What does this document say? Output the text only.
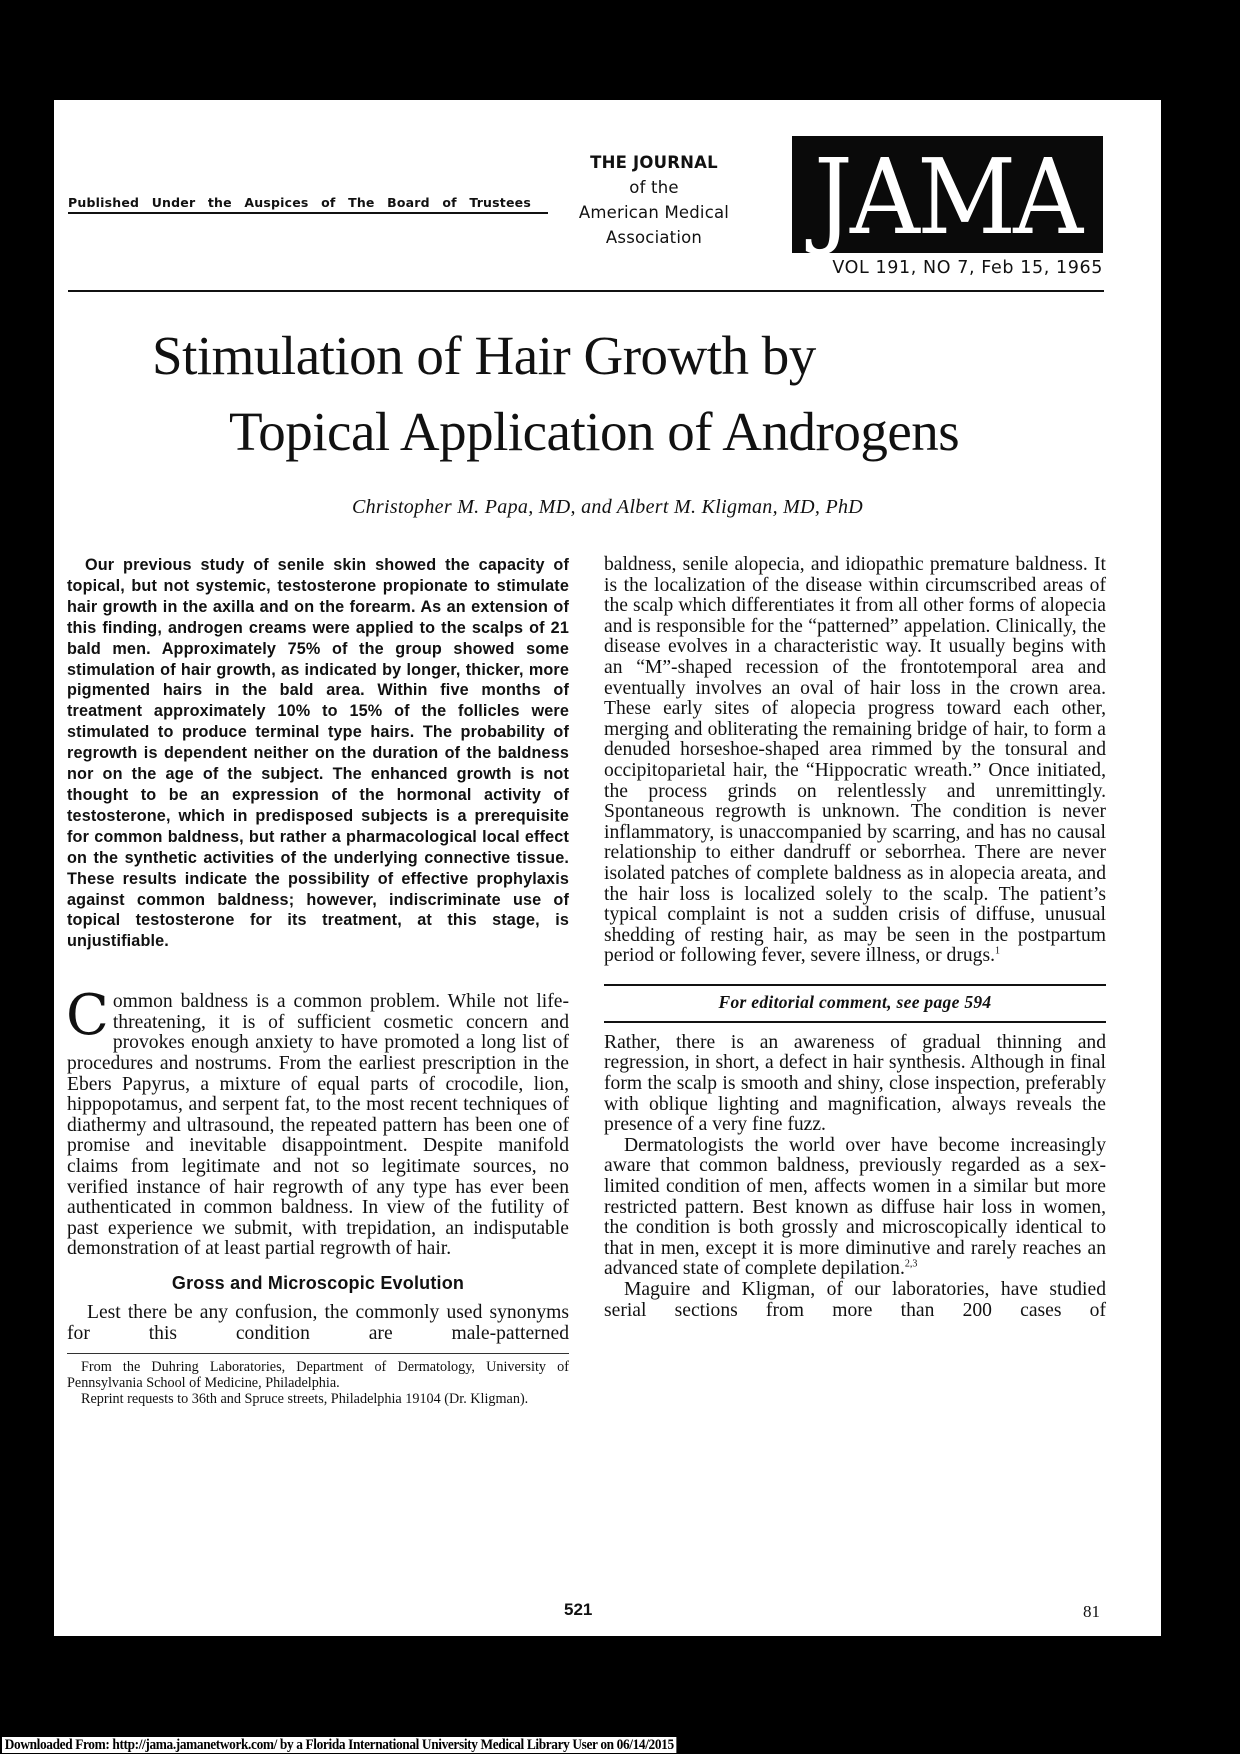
Published Under the Auspices of The Board of Trustees
THE JOURNAL
of the
American Medical
Association	JAMA
VOL 191, NO 7, Feb 15, 1965
Stimulation of Hair Growth by
Topical Application of Androgens
Christopher M. Papa, MD, and Albert M. Kligman, MD, PhD

Our previous study of senile skin showed the capacity of topical, but not systemic, testosterone propionate to stimulate hair growth in the axilla and on the forearm. As an extension of this finding, androgen creams were applied to the scalps of 21 bald men. Approximately 75% of the group showed some stimulation of hair growth, as indicated by longer, thicker, more pigmented hairs in the bald area. Within five months of treatment approximately 10% to 15% of the follicles were stimulated to produce terminal type hairs. The probability of regrowth is dependent neither on the duration of the baldness nor on the age of the subject. The enhanced growth is not thought to be an expression of the hormonal activity of testosterone, which in predisposed subjects is a prerequisite for common baldness, but rather a pharmacological local effect on the synthetic activities of the underlying connective tissue. These results indicate the possibility of effective prophylaxis against common baldness; however, indiscriminate use of topical testosterone for its treatment, at this stage, is unjustifiable.

Common baldness is a common problem. While not life-threatening, it is of sufficient cosmetic concern and provokes enough anxiety to have promoted a long list of procedures and nostrums. From the earliest prescription in the Ebers Papyrus, a mixture of equal parts of crocodile, lion, hippopotamus, and serpent fat, to the most recent techniques of diathermy and ultrasound, the repeated pattern has been one of promise and inevitable disappointment. Despite manifold claims from legitimate and not so legitimate sources, no verified instance of hair regrowth of any type has ever been authenticated in common baldness. In view of the futility of past experience we submit, with trepidation, an indisputable demonstration of at least partial regrowth of hair.

Gross and Microscopic Evolution

Lest there be any confusion, the commonly used synonyms for this condition are male-patterned

From the Duhring Laboratories, Department of Dermatology, University of Pennsylvania School of Medicine, Philadelphia.

Reprint requests to 36th and Spruce streets, Philadelphia 19104 (Dr. Kligman).

baldness, senile alopecia, and idiopathic premature baldness. It is the localization of the disease within circumscribed areas of the scalp which differentiates it from all other forms of alopecia and is responsible for the “patterned” appelation. Clinically, the disease evolves in a characteristic way. It usually begins with an “M”-shaped recession of the frontotemporal area and eventually involves an oval of hair loss in the crown area. These early sites of alopecia progress toward each other, merging and obliterating the remaining bridge of hair, to form a denuded horseshoe-shaped area rimmed by the tonsural and occipitoparietal hair, the “Hippocratic wreath.” Once initiated, the process grinds on relentlessly and unremittingly. Spontaneous regrowth is unknown. The condition is never inflammatory, is unaccompanied by scarring, and has no causal relationship to either dandruff or seborrhea. There are never isolated patches of complete baldness as in alopecia areata, and the hair loss is localized solely to the scalp. The patient’s typical complaint is not a sudden crisis of diffuse, unusual shedding of resting hair, as may be seen in the postpartum period or following fever, severe illness, or drugs.$^1$

For editorial comment, see page 594

Rather, there is an awareness of gradual thinning and regression, in short, a defect in hair synthesis. Although in final form the scalp is smooth and shiny, close inspection, preferably with oblique lighting and magnification, always reveals the presence of a very fine fuzz.

Dermatologists the world over have become increasingly aware that common baldness, previously regarded as a sex-limited condition of men, affects women in a similar but more restricted pattern. Best known as diffuse hair loss in women, the condition is both grossly and microscopically identical to that in men, except it is more diminutive and rarely reaches an advanced state of complete depilation.$^{2,3}$

Maguire and Kligman, of our laboratories, have studied serial sections from more than 200 cases of

521	81
Downloaded From: http://jama.jamanetwork.com/ by a Florida International University Medical Library User on 06/14/2015
